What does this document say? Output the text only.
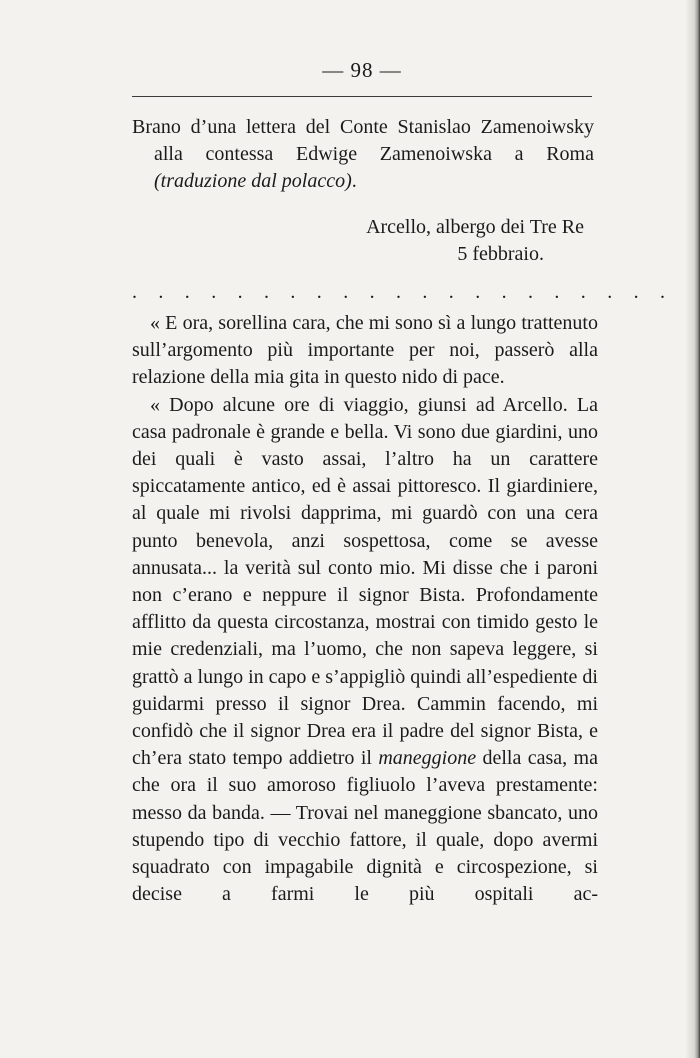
— 98 —

Brano d’una lettera del Conte Stanislao Zamenoiwsky alla contessa Edwige Zamenoiwska a Roma (traduzione dal polacco).

Arcello, albergo dei Tre Re
5 febbraio.
. . . . . . . . . . . . . . . . . . . . .

« E ora, sorellina cara, che mi sono sì a lungo trattenuto sull’argomento più importante per noi, passerò alla relazione della mia gita in questo nido di pace.

« Dopo alcune ore di viaggio, giunsi ad Arcello. La casa padronale è grande e bella. Vi sono due giardini, uno dei quali è vasto assai, l’altro ha un carattere spiccatamente antico, ed è assai pittoresco. Il giardiniere, al quale mi rivolsi dapprima, mi guardò con una cera punto benevola, anzi sospettosa, come se avesse annusata... la verità sul conto mio. Mi disse che i paroni non c’erano e neppure il signor Bista. Profondamente afflitto da questa circostanza, mostrai con timido gesto le mie credenziali, ma l’uomo, che non sapeva leggere, si grattò a lungo in capo e s’appigliò quindi all’espediente di guidarmi presso il signor Drea. Cammin facendo, mi confidò che il signor Drea era il padre del signor Bista, e ch’era stato tempo addietro il maneggione della casa, ma che ora il suo amoroso figliuolo l’aveva prestamente: messo da banda. — Trovai nel maneggione sbancato, uno stupendo tipo di vecchio fattore, il quale, dopo avermi squadrato con impagabile dignità e circospezione, si decise a farmi le più ospitali ac-
